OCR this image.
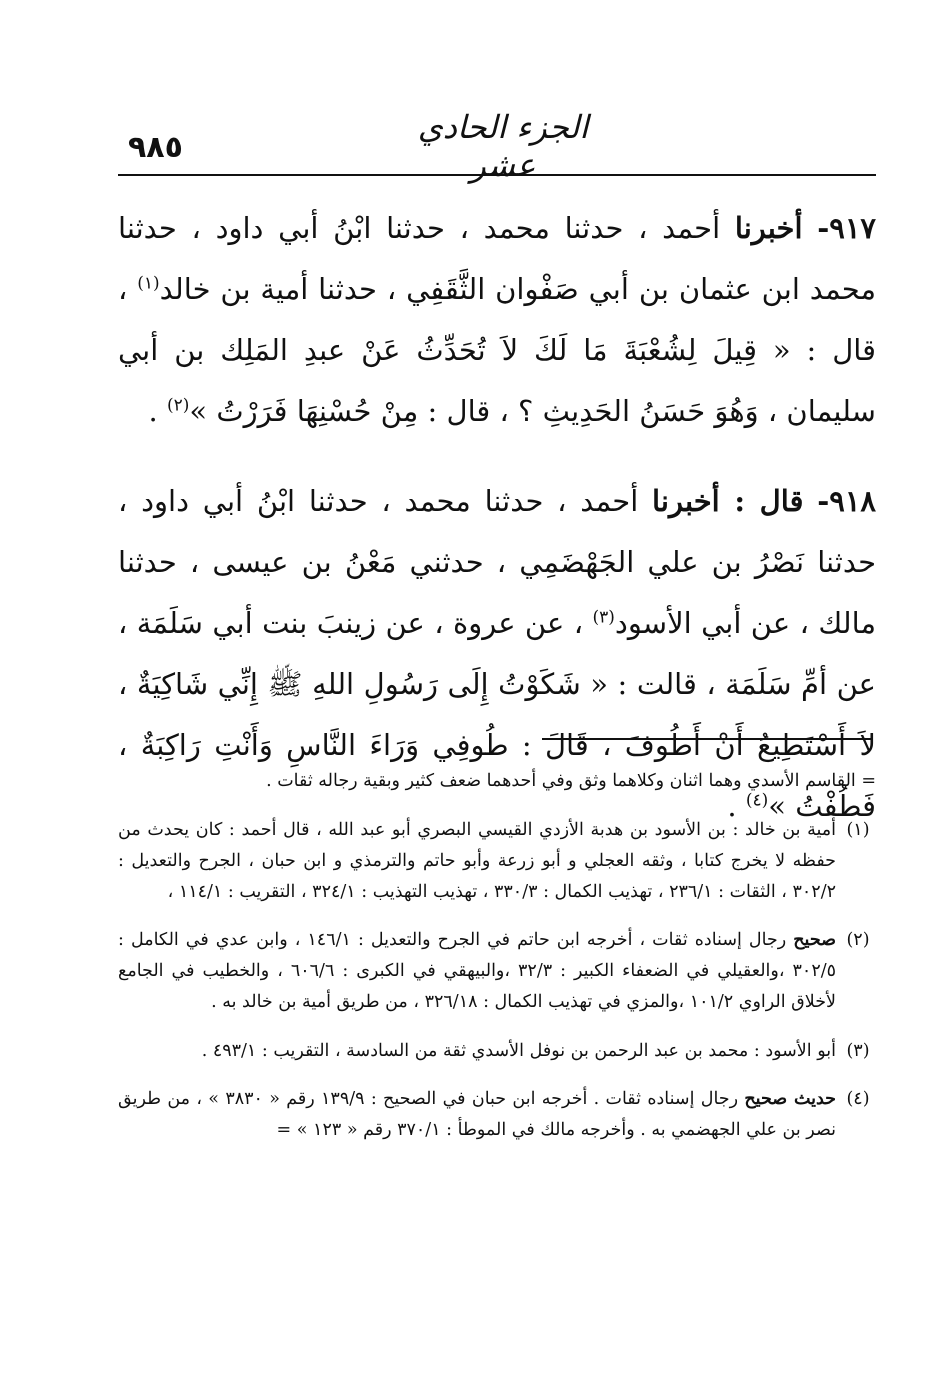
٩٨٥
الجزء الحادي عشر

٩١٧- أخبرنا أحمد ، حدثنا محمد ، حدثنا ابْنُ أبي داود ، حدثنا محمد ابن عثمان بن أبي صَفْوان الثَّقَفِي ، حدثنا أمية بن خالد$^{(١)}$ ، قال : « قِيلَ لِشُعْبَةَ مَا لَكَ لاَ تُحَدِّثُ عَنْ عبدِ المَلِك بن أبي سليمان ، وَهُوَ حَسَنُ الحَدِيثِ ؟ ، قال : مِنْ حُسْنِهَا فَرَرْتُ »$^{(٢)}$ .

٩١٨- قال : أخبرنا أحمد ، حدثنا محمد ، حدثنا ابْنُ أبي داود ، حدثنا نَصْرُ بن علي الجَهْضَمِي ، حدثني مَعْنُ بن عيسى ، حدثنا مالك ، عن أبي الأسود$^{(٣)}$ ، عن عروة ، عن زينبَ بنت أبي سَلَمَة ، عن أمِّ سَلَمَة ، قالت : « شَكَوْتُ إِلَى رَسُولِ اللهِ ﷺ إِنِّي شَاكِيَةٌ ، لاَ أَسْتَطِيعُ أَنْ أَطُوفَ ، قَالَ : طُوفِي وَرَاءَ النَّاسِ وَأَنْتِ رَاكِبَةٌ ، فَطُفْتُ »$^{(٤)}$ .

= القاسم الأسدي وهما اثنان وكلاهما وثق وفي أحدهما ضعف كثير وبقية رجاله ثقات .

(١)
أمية بن خالد : بن الأسود بن هدبة الأزدي القيسي البصري أبو عبد الله ، قال أحمد : كان يحدث من حفظه لا يخرج كتابا ، وثقه العجلي و أبو زرعة وأبو حاتم والترمذي و ابن حبان ، الجرح والتعديل : ٣٠٢/٢ ، الثقات : ٢٣٦/١ ، تهذيب الكمال : ٣٣٠/٣ ، تهذيب التهذيب : ٣٢٤/١ ، التقريب : ١١٤/١ ،

(٢)
صحيح رجال إسناده ثقات ، أخرجه ابن حاتم في الجرح والتعديل : ١٤٦/١ ، وابن عدي في الكامل : ٣٠٢/٥ ،والعقيلي في الضعفاء الكبير : ٣٢/٣ ،والبيهقي في الكبرى : ٦٠٦/٦ ، والخطيب في الجامع لأخلاق الراوي ١٠١/٢ ،والمزي في تهذيب الكمال : ٣٢٦/١٨ ، من طريق أمية بن خالد به .

(٣)
أبو الأسود : محمد بن عبد الرحمن بن نوفل الأسدي ثقة من السادسة ، التقريب : ٤٩٣/١ .

(٤)
حديث صحيح رجال إسناده ثقات . أخرجه ابن حبان في الصحيح : ١٣٩/٩ رقم « ٣٨٣٠ » ، من طريق نصر بن علي الجهضمي به . وأخرجه مالك في الموطأ : ٣٧٠/١ رقم « ١٢٣ » =
